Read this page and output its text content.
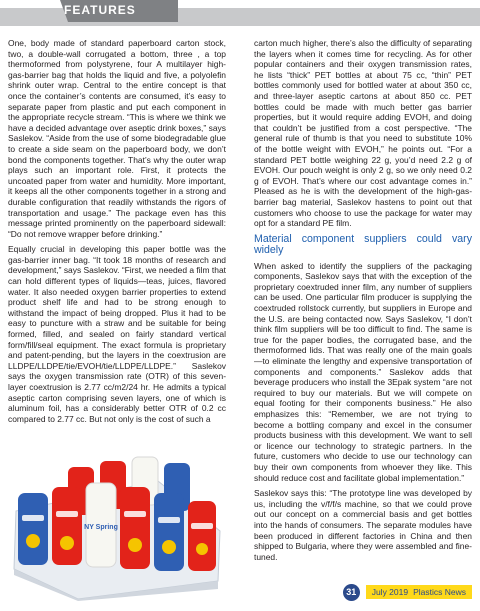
FEATURES

One, body made of standard paperboard carton stock, two, a double-wall corrugated a bottom, three , a top thermoformed from polystyrene, four A multilayer high-gas-barrier bag that holds the liquid and five, a polyolefin shrink outer wrap. Central to the entire concept is that once the container’s contents are consumed, it’s easy to separate paper from plastic and put each component in the appropriate recycle stream. “This is where we think we have a decided advantage over aseptic drink boxes,” says Saslekov. “Aside from the use of some biodegradable glue to create a side seam on the paperboard body, we don’t bond the components together. That’s why the outer wrap plays such an important role. First, it protects the uncoated paper from water and humidity. More important, it keeps all the other components together in a strong and durable configuration that readily withstands the rigors of transportation and usage.” The package even has this message printed prominently on the paperboard sidewall: “Do not remove wrapper before drinking.”

Equally crucial in developing this paper bottle was the gas-barrier inner bag. “It took 18 months of research and development,” says Saslekov. “First, we needed a film that can hold different types of liquids—teas, juices, flavored water. It also needed oxygen barrier properties to extend product shelf life and had to be strong enough to withstand the impact of being dropped. Plus it had to be easy to puncture with a straw and be suitable for being formed, filled, and sealed on fairly standard vertical form/fill/seal equipment. The exact formula is proprietary and patent-pending, but the layers in the coextrusion are LLDPE/LLDPE/tie/EVOH/tie/LLDPE/LLDPE.” Saslekov says the oxygen transmission rate (OTR) of this seven-layer coextrusion is 2.77 cc/m2/24 hr. He admits a typical aseptic carton comprising seven layers, one of which is aluminum foil, has a considerably better OTR of 0.2 cc compared to 2.77 cc. But not only is the cost of such a

carton much higher, there’s also the difficulty of separating the layers when it comes time for recycling. As for other popular containers and their oxygen transmission rates, he lists “thick” PET bottles at about 75 cc, “thin” PET bottles commonly used for bottled water at about 350 cc, and three-layer aseptic cartons at about 850 cc. PET bottles could be made with much better gas barrier properties, but it would require adding EVOH, and doing that couldn’t be justified from a cost perspective. “The general rule of thumb is that you need to substitute 10% of the bottle weight with EVOH,” he points out. “For a standard PET bottle weighing 22 g, you’d need 2.2 g of EVOH. Our pouch weight is only 2 g, so we only need 0.2 g of EVOH. That’s where our cost advantage comes in.” Pleased as he is with the development of the high-gas-barrier bag material, Saslekov hastens to point out that customers who choose to use the package for water may opt for a standard PE film.

Material component suppliers could vary widely

When asked to identify the suppliers of the packaging components, Saslekov says that with the exception of the proprietary coextruded inner film, any number of suppliers can be used. One particular film producer is supplying the coextruded rollstock currently, but suppliers in Europe and the U.S. are being contacted now. Says Saslekov, “I don’t think film suppliers will be too difficult to find. The same is true for the paper bodies, the corrugated base, and the thermoformed lids. That was really one of the main goals—to eliminate the lengthy and expensive transportation of components and components.” Saslekov adds that beverage producers who install the 3Epak system “are not required to buy our materials. But we will compete on equal footing for their components business.” He also emphasizes this: “Remember, we are not trying to become a bottling company and excel in the consumer products business with this development. We want to sell or licence our technology to strategic partners. In the future, customers who decide to use our technology can buy their own components from whoever they like. This should reduce cost and facilitate global implementation.”

Saslekov says this: “The prototype line was developed by us, including the v/f/f/s machine, so that we could prove out our concept on a commercial basis and get bottles into the hands of consumers. The separate modules have been produced in different factories in China and then shipped to Bulgaria, where they were assembled and fine-tuned.

NY Spring
31	July 2019 Plastics News
